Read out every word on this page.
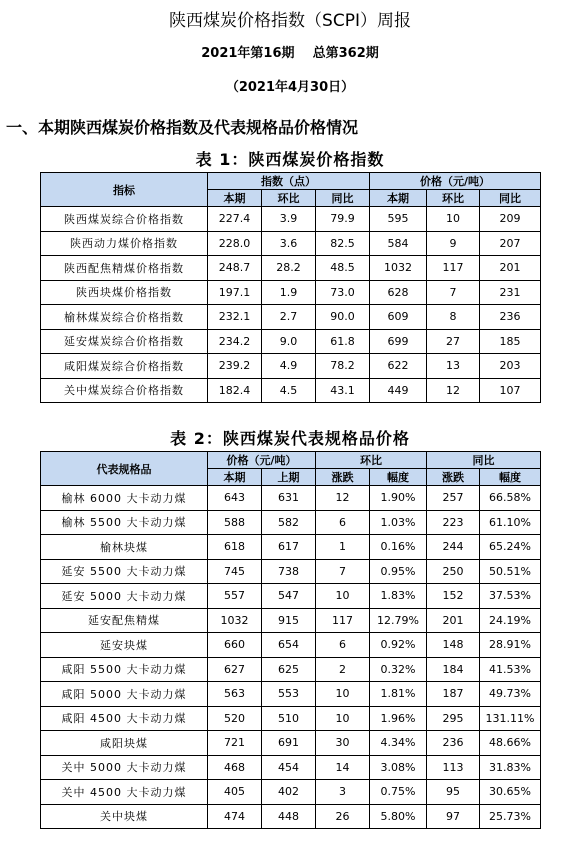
陕西煤炭价格指数（SCPI）周报
2021年第16期    总第362期
（2021年4月30日）
一、本期陕西煤炭价格指数及代表规格品价格情况
表 1：陕西煤炭价格指数
指标	指数（点）			价格（元/吨）		
	本期	环比	同比	本期	环比	同比
陕西煤炭综合价格指数	227.4	3.9	79.9	595	10	209
陕西动力煤价格指数	228.0	3.6	82.5	584	9	207
陕西配焦精煤价格指数	248.7	28.2	48.5	1032	117	201
陕西块煤价格指数	197.1	1.9	73.0	628	7	231
榆林煤炭综合价格指数	232.1	2.7	90.0	609	8	236
延安煤炭综合价格指数	234.2	9.0	61.8	699	27	185
咸阳煤炭综合价格指数	239.2	4.9	78.2	622	13	203
关中煤炭综合价格指数	182.4	4.5	43.1	449	12	107
表 2：陕西煤炭代表规格品价格
代表规格品	价格（元/吨）		环比		同比	
	本期	上期	涨跌	幅度	涨跌	幅度
榆林 6000 大卡动力煤	643	631	12	1.90%	257	66.58%
榆林 5500 大卡动力煤	588	582	6	1.03%	223	61.10%
榆林块煤	618	617	1	0.16%	244	65.24%
延安 5500 大卡动力煤	745	738	7	0.95%	250	50.51%
延安 5000 大卡动力煤	557	547	10	1.83%	152	37.53%
延安配焦精煤	1032	915	117	12.79%	201	24.19%
延安块煤	660	654	6	0.92%	148	28.91%
咸阳 5500 大卡动力煤	627	625	2	0.32%	184	41.53%
咸阳 5000 大卡动力煤	563	553	10	1.81%	187	49.73%
咸阳 4500 大卡动力煤	520	510	10	1.96%	295	131.11%
咸阳块煤	721	691	30	4.34%	236	48.66%
关中 5000 大卡动力煤	468	454	14	3.08%	113	31.83%
关中 4500 大卡动力煤	405	402	3	0.75%	95	30.65%
关中块煤	474	448	26	5.80%	97	25.73%
